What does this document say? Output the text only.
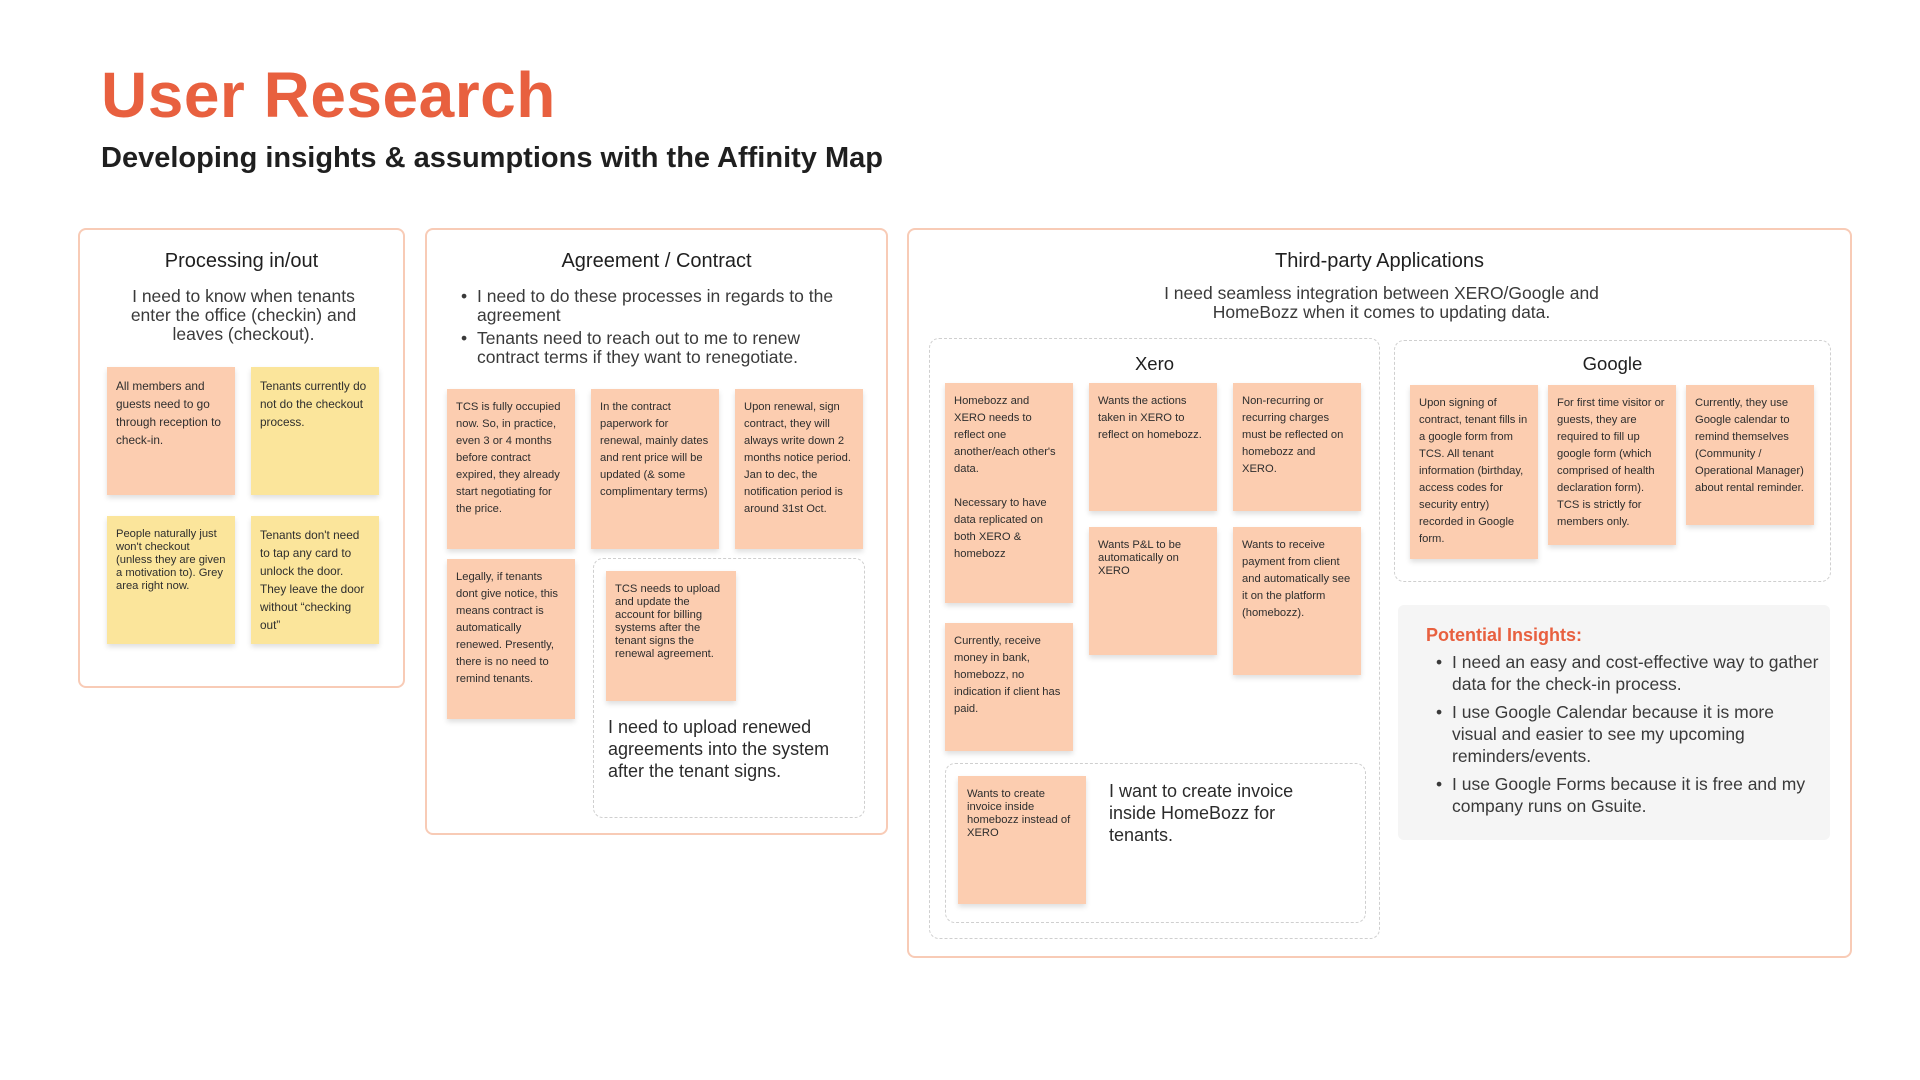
User Research
Developing insights & assumptions with the Affinity Map
Processing in/out
I need to know when tenants enter the office (checkin) and leaves (checkout).
All members and guests need to go through reception to check-in.
Tenants currently do not do the checkout process.
People naturally just won't checkout (unless they are given a motivation to). Grey area right now.
Tenants don't need to tap any card to unlock the door. They leave the door without “checking out”
Agreement / Contract
• I need to do these processes in regards to the agreement
• Tenants need to reach out to me to renew contract terms if they want to renegotiate.
TCS is fully occupied now. So, in practice, even 3 or 4 months before contract expired, they already start negotiating for the price.
In the contract paperwork for renewal, mainly dates and rent price will be updated (& some complimentary terms)
Upon renewal, sign contract, they will always write down 2 months notice period. Jan to dec, the notification period is around 31st Oct.
Legally, if tenants dont give notice, this means contract is automatically renewed. Presently, there is no need to remind tenants.
TCS needs to upload and update the account for billing systems after the tenant signs the renewal agreement.
I need to upload renewed agreements into the system after the tenant signs.
Third-party Applications
I need seamless integration between XERO/Google and HomeBozz when it comes to updating data.
Xero
Homebozz and XERO needs to reflect one another/each other's data.

Necessary to have data replicated on both XERO & homebozz
Wants the actions taken in XERO to reflect on homebozz.
Non-recurring or recurring charges must be reflected on homebozz and XERO.
Wants P&L to be automatically on XERO
Currently, receive money in bank, homebozz, no indication if client has paid.
Wants to receive payment from client and automatically see it on the platform (homebozz).
Wants to create invoice inside homebozz instead of XERO
I want to create invoice inside HomeBozz for tenants.
Google
Upon signing of contract, tenant fills in a google form from TCS. All tenant information (birthday, access codes for security entry) recorded in Google form.
For first time visitor or guests, they are required to fill up google form (which comprised of health declaration form). TCS is strictly for members only.
Currently, they use Google calendar to remind themselves (Community / Operational Manager) about rental reminder.
Potential Insights:
• I need an easy and cost-effective way to gather data for the check-in process.
• I use Google Calendar because it is more visual and easier to see my upcoming reminders/events.
• I use Google Forms because it is free and my company runs on Gsuite.
